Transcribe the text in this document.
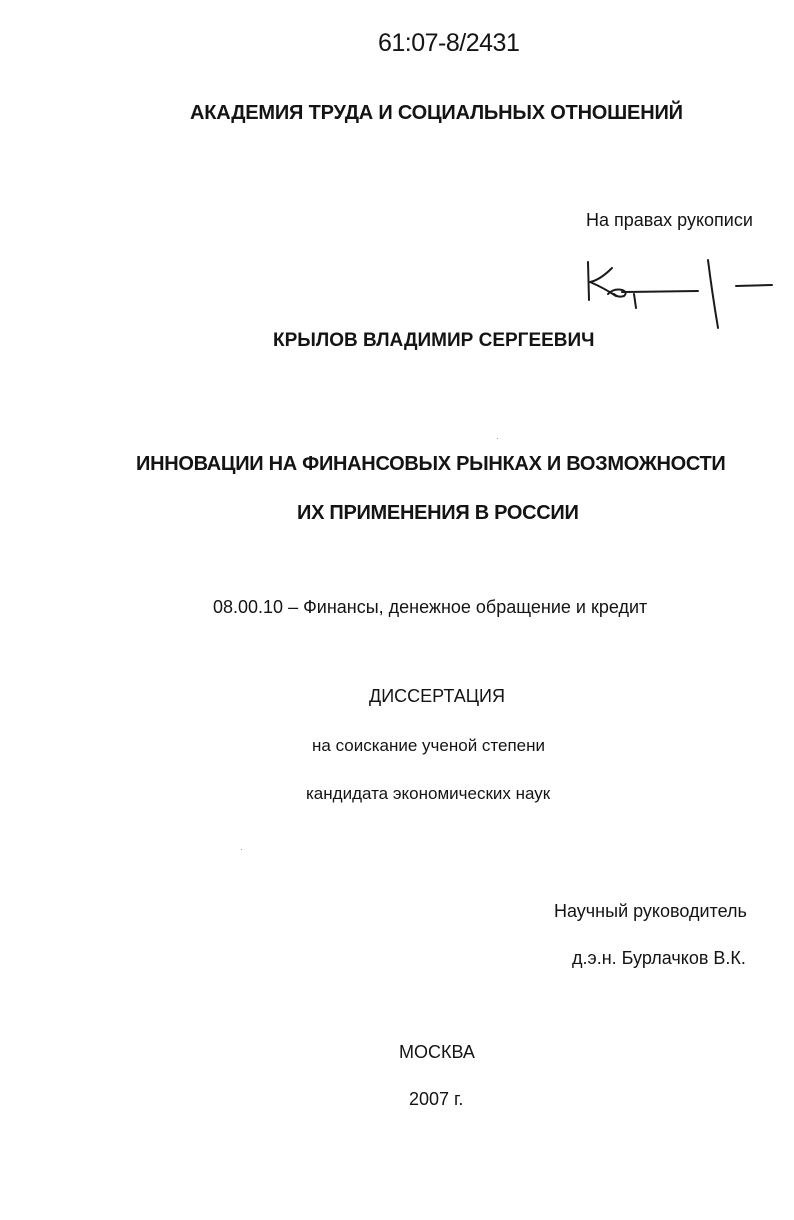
61:07-8/2431
АКАДЕМИЯ ТРУДА И СОЦИАЛЬНЫХ ОТНОШЕНИЙ
На правах рукописи
КРЫЛОВ ВЛАДИМИР СЕРГЕЕВИЧ
ИННОВАЦИИ НА ФИНАНСОВЫХ РЫНКАХ И ВОЗМОЖНОСТИ
ИХ ПРИМЕНЕНИЯ В РОССИИ
08.00.10 – Финансы, денежное обращение и кредит
ДИССЕРТАЦИЯ
на соискание ученой степени
кандидата экономических наук
Научный руководитель
д.э.н. Бурлачков В.К.
МОСКВА
2007 г.
